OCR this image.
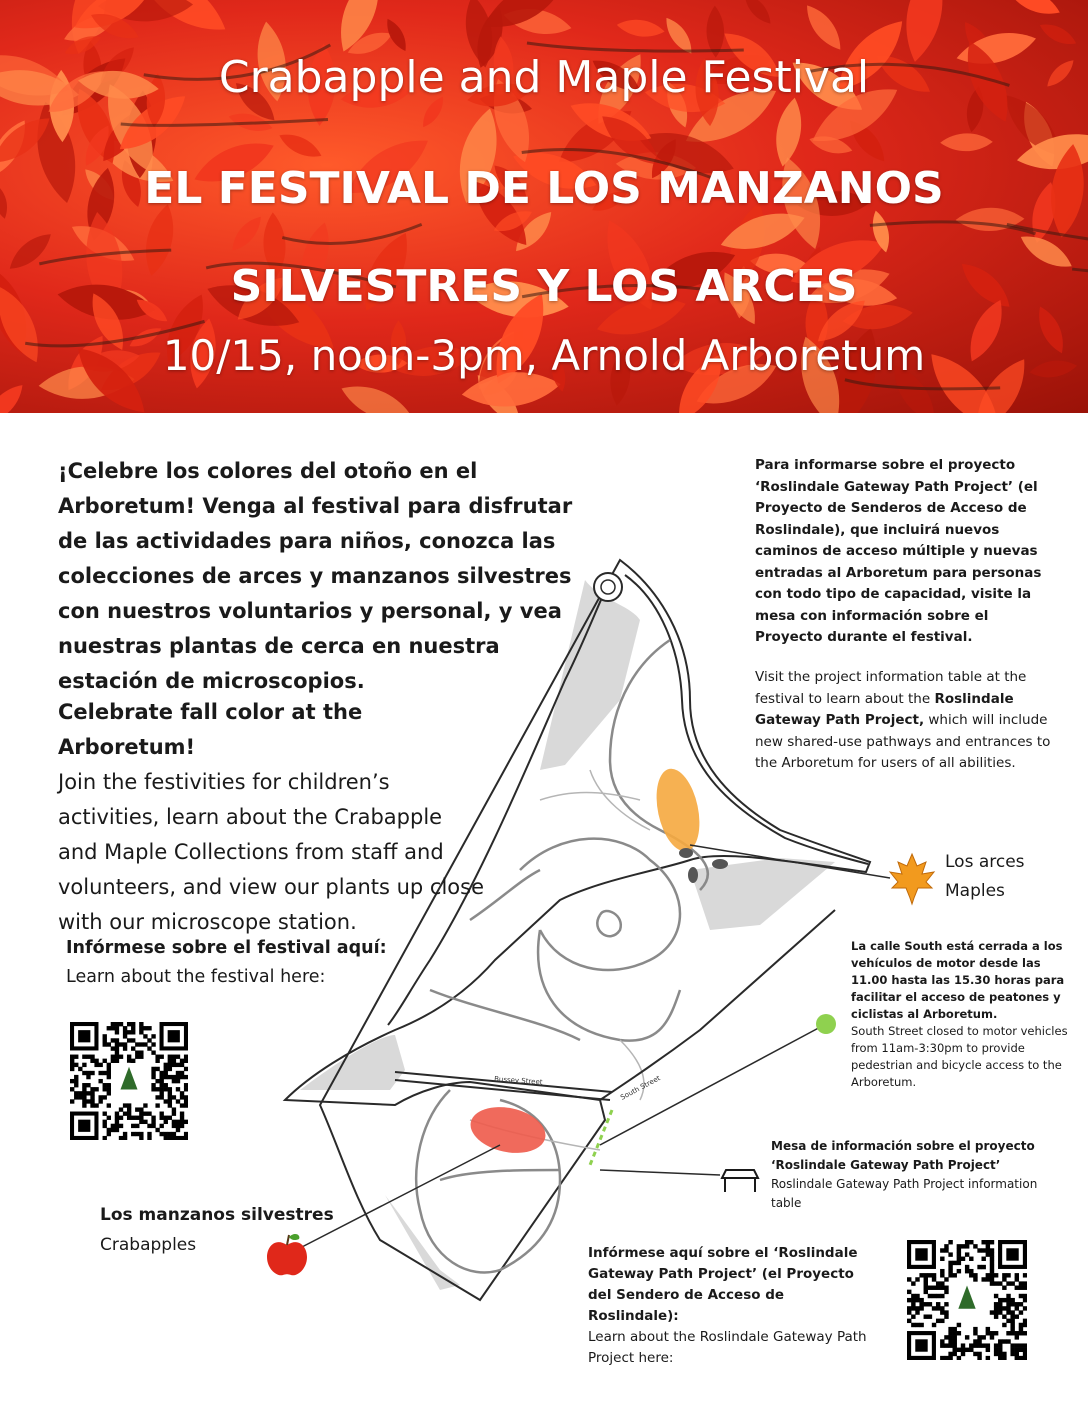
Crabapple and Maple Festival
EL FESTIVAL DE LOS MANZANOS
SILVESTRES Y LOS ARCES
10/15, noon-3pm, Arnold Arboretum
Bussey Street	South Street
¡Celebre los colores del otoño en el Arboretum! Venga al festival para disfrutar de las actividades para niños, conozca las colecciones de arces y manzanos silvestres con nuestros voluntarios y personal, y vea nuestras plantas de cerca en nuestra estación de microscopios.
Celebrate fall color at the Arboretum!
Join the festivities for children’s activities, learn about the Crabapple and Maple Collections from staff and volunteers, and view our plants up close with our microscope station.
Infórmese sobre el festival aquí:
Learn about the festival here:
Para informarse sobre el proyecto ‘Roslindale Gateway Path Project’ (el Proyecto de Senderos de Acceso de Roslindale), que incluirá nuevos caminos de acceso múltiple y nuevas entradas al Arboretum para personas con todo tipo de capacidad, visite la mesa con información sobre el Proyecto durante el festival.
Visit the project information table at the festival to learn about the Roslindale Gateway Path Project, which will include new shared-use pathways and entrances to the Arboretum for users of all abilities.
Los arces
Maples
La calle South está cerrada a los vehículos de motor desde las 11.00 hasta las 15.30 horas para facilitar el acceso de peatones y ciclistas al Arboretum.
South Street closed to motor vehicles from 11am-3:30pm to provide pedestrian and bicycle access to the Arboretum.
Mesa de información sobre el proyecto ‘Roslindale Gateway Path Project’
Roslindale Gateway Path Project information table
Los manzanos silvestres
Crabapples	Infórmese aquí sobre el ‘Roslindale Gateway Path Project’ (el Proyecto del Sendero de Acceso de Roslindale):
Learn about the Roslindale Gateway Path Project here:
